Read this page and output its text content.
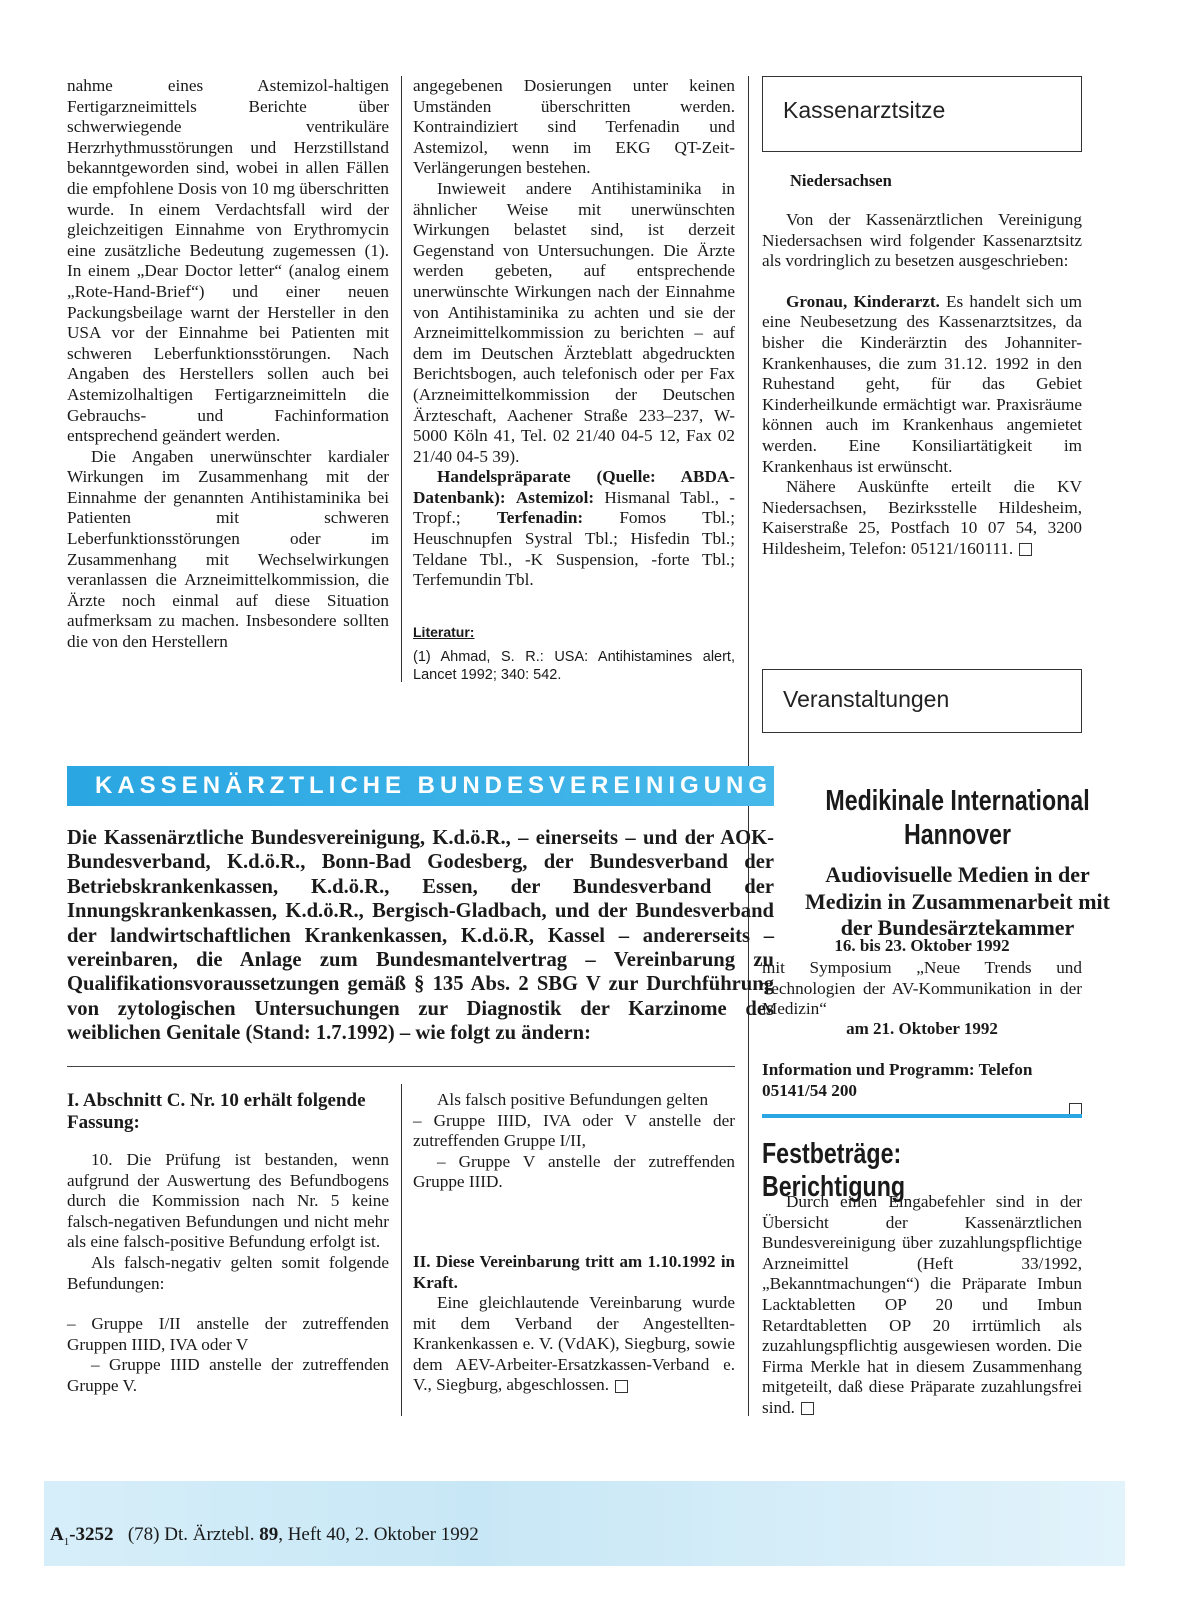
nahme eines Astemizol-haltigen Fertigarzneimittels Berichte über schwerwiegende ventrikuläre Herzrhythmusstörungen und Herzstillstand bekanntgeworden sind, wobei in allen Fällen die empfohlene Dosis von 10 mg überschritten wurde. In einem Verdachtsfall wird der gleichzeitigen Einnahme von Erythromycin eine zusätzliche Bedeutung zugemessen (1). In einem „Dear Doctor letter“ (analog einem „Rote-Hand-Brief“) und einer neuen Packungsbeilage warnt der Hersteller in den USA vor der Einnahme bei Patienten mit schweren Leberfunktionsstörungen. Nach Angaben des Herstellers sollen auch bei Astemizolhaltigen Fertigarzneimitteln die Gebrauchs- und Fachinformation entsprechend geändert werden.

Die Angaben unerwünschter kardialer Wirkungen im Zusammenhang mit der Einnahme der genannten Antihistaminika bei Patienten mit schweren Leberfunktionsstörungen oder im Zusammenhang mit Wechselwirkungen veranlassen die Arzneimittelkommission, die Ärzte noch einmal auf diese Situation aufmerksam zu machen. Insbesondere sollten die von den Herstellern

angegebenen Dosierungen unter keinen Umständen überschritten werden. Kontraindiziert sind Terfenadin und Astemizol, wenn im EKG QT-Zeit-Verlängerungen bestehen.

Inwieweit andere Antihistaminika in ähnlicher Weise mit unerwünschten Wirkungen belastet sind, ist derzeit Gegenstand von Untersuchungen. Die Ärzte werden gebeten, auf entsprechende unerwünschte Wirkungen nach der Einnahme von Antihistaminika zu achten und sie der Arzneimittelkommission zu berichten – auf dem im Deutschen Ärzteblatt abgedruckten Berichtsbogen, auch telefonisch oder per Fax (Arzneimittelkommission der Deutschen Ärzteschaft, Aachener Straße 233–237, W-5000 Köln 41, Tel. 02 21/40 04-5 12, Fax 02 21/40 04-5 39).

Handelspräparate (Quelle: ABDA-Datenbank): Astemizol: Hismanal Tabl., -Tropf.; Terfenadin: Fomos Tbl.; Heuschnupfen Systral Tbl.; Hisfedin Tbl.; Teldane Tbl., -K Suspension, -forte Tbl.; Terfemundin Tbl.

Literatur:
(1) Ahmad, S. R.: USA: Antihistamines alert, Lancet 1992; 340: 542.
Kassenarztsitze
Niedersachsen

Von der Kassenärztlichen Vereinigung Niedersachsen wird folgender Kassenarztsitz als vordringlich zu besetzen ausgeschrieben:

Gronau, Kinderarzt. Es handelt sich um eine Neubesetzung des Kassenarztsitzes, da bisher die Kinderärztin des Johanniter-Krankenhauses, die zum 31.12. 1992 in den Ruhestand geht, für das Gebiet Kinderheilkunde ermächtigt war. Praxisräume können auch im Krankenhaus angemietet werden. Eine Konsiliartätigkeit im Krankenhaus ist erwünscht.

Nähere Auskünfte erteilt die KV Niedersachsen, Bezirksstelle Hildesheim, Kaiserstraße 25, Postfach 10 07 54, 3200 Hildesheim, Telefon: 05121/160111.

Veranstaltungen
Medikinale International Hannover
Audiovisuelle Medien in der Medizin in Zusammenarbeit mit der Bundesärztekammer
16. bis 23. Oktober 1992
mit Symposium „Neue Trends und Technologien der AV-Kommunikation in der Medizin“
am 21. Oktober 1992
Information und Programm: Telefon 05141/54 200
Festbeträge: Berichtigung

Durch einen Eingabefehler sind in der Übersicht der Kassenärztlichen Bundesvereinigung über zuzahlungspflichtige Arzneimittel (Heft 33/1992, „Bekanntmachungen“) die Präparate Imbun Lacktabletten OP 20 und Imbun Retardtabletten OP 20 irrtümlich als zuzahlungspflichtig ausgewiesen worden. Die Firma Merkle hat in diesem Zusammenhang mitgeteilt, daß diese Präparate zuzahlungsfrei sind.

KASSENÄRZTLICHE BUNDESVEREINIGUNG
Die Kassenärztliche Bundesvereinigung, K.d.ö.R., – einerseits – und der AOK-Bundesverband, K.d.ö.R., Bonn-Bad Godesberg, der Bundesverband der Betriebskrankenkassen, K.d.ö.R., Essen, der Bundesverband der Innungskrankenkassen, K.d.ö.R., Bergisch-Gladbach, und der Bundesverband der landwirtschaftlichen Krankenkassen, K.d.ö.R, Kassel – andererseits – vereinbaren, die Anlage zum Bundesmantelvertrag – Vereinbarung zu Qualifikationsvoraussetzungen gemäß § 135 Abs. 2 SBG V zur Durchführung von zytologischen Untersuchungen zur Diagnostik der Karzinome des weiblichen Genitale (Stand: 1.7.1992) – wie folgt zu ändern:
I. Abschnitt C. Nr. 10 erhält folgende Fassung:

10. Die Prüfung ist bestanden, wenn aufgrund der Auswertung des Befundbogens durch die Kommission nach Nr. 5 keine falsch-negativen Befundungen und nicht mehr als eine falsch-positive Befundung erfolgt ist.

Als falsch-negativ gelten somit folgende Befundungen:

– Gruppe I/II anstelle der zutreffenden Gruppen IIID, IVA oder V

– Gruppe IIID anstelle der zutreffenden Gruppe V.

Als falsch positive Befundungen gelten

– Gruppe IIID, IVA oder V anstelle der zutreffenden Gruppe I/II,

– Gruppe V anstelle der zutreffenden Gruppe IIID.

II. Diese Vereinbarung tritt am 1.10.1992 in Kraft.

Eine gleichlautende Vereinbarung wurde mit dem Verband der Angestellten-Krankenkassen e. V. (VdAK), Siegburg, sowie dem AEV-Arbeiter-Ersatzkassen-Verband e. V., Siegburg, abgeschlossen.

$A_1-3252$ (78) Dt. Ärztebl. 89, Heft 40, 2. Oktober 1992
